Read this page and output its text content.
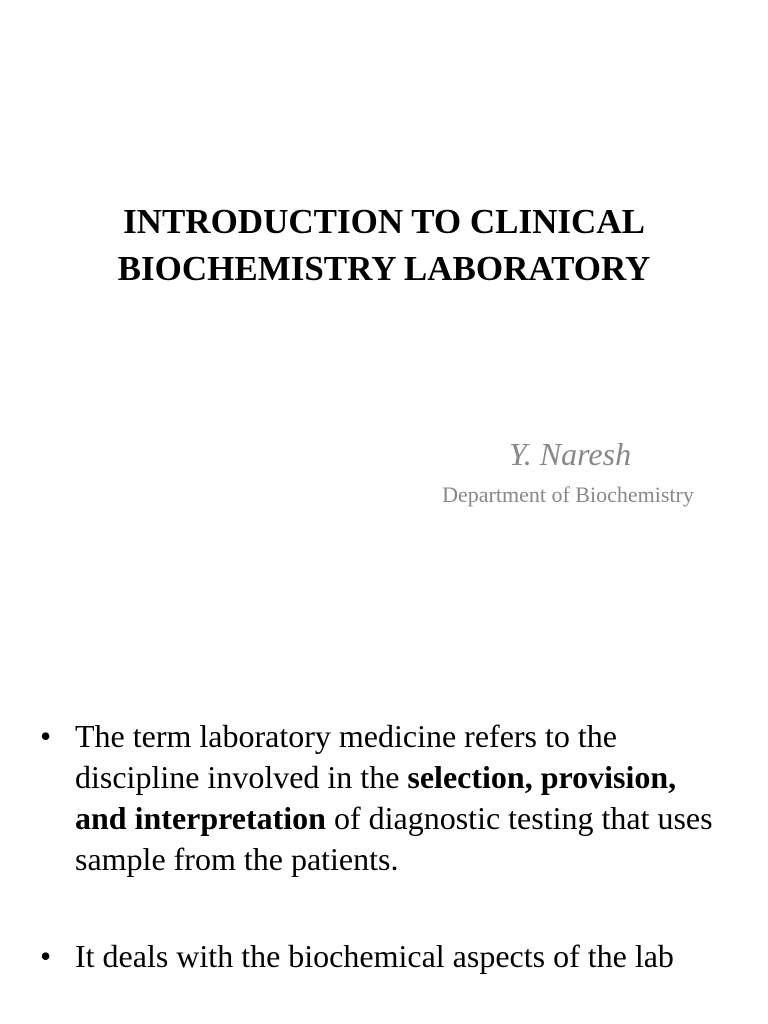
INTRODUCTION TO CLINICAL
BIOCHEMISTRY LABORATORY
Y. Naresh
Department of Biochemistry
• The term laboratory medicine refers to the discipline involved in the selection, provision, and interpretation of diagnostic testing that uses sample from the patients.
• It deals with the biochemical aspects of the lab
